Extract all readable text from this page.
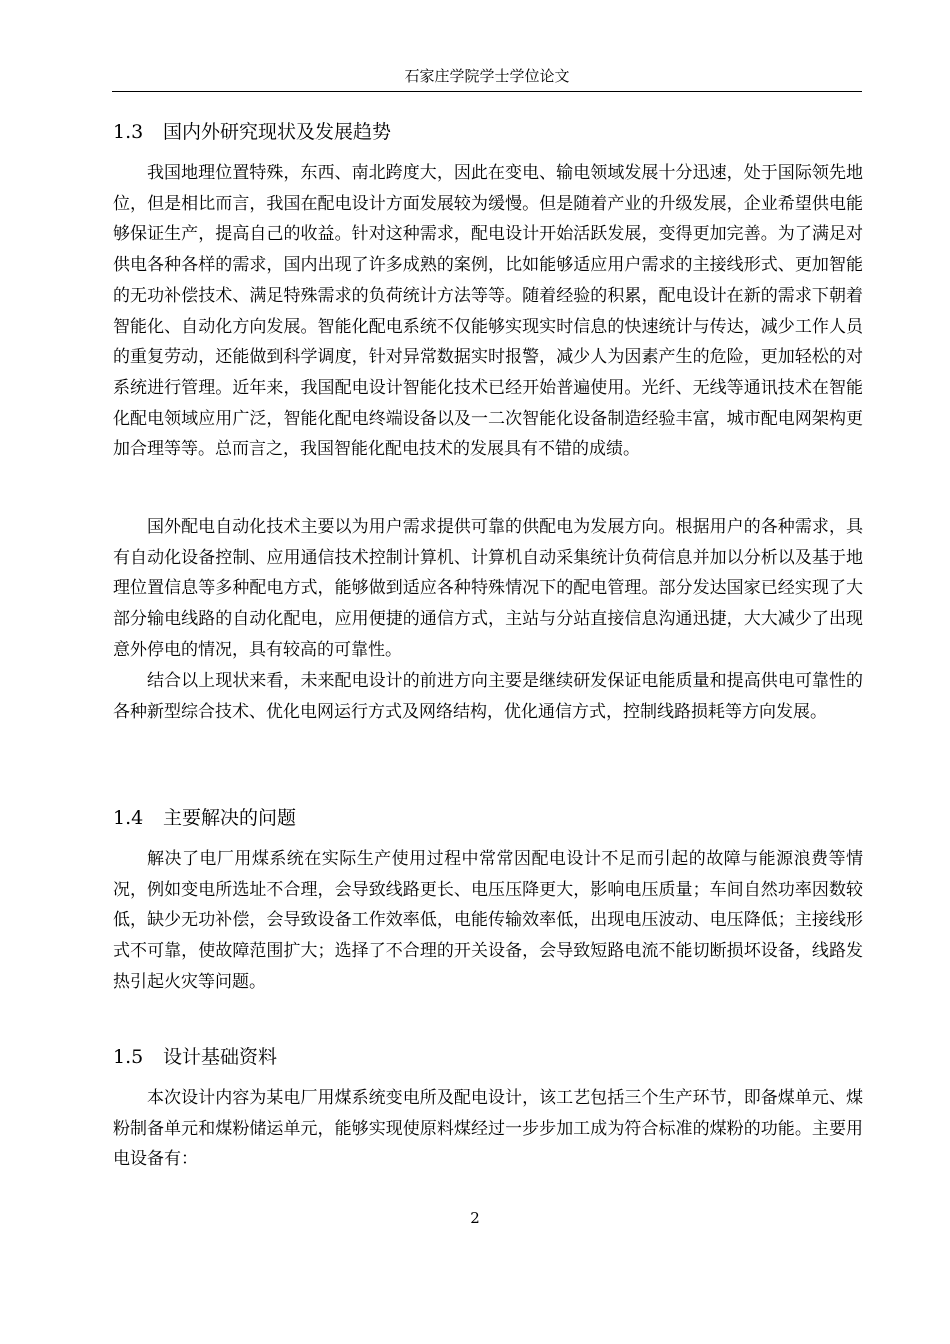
石家庄学院学士学位论文
1.3 国内外研究现状及发展趋势

我国地理位置特殊，东西、南北跨度大，因此在变电、输电领域发展十分迅速，处于国际领先地位，但是相比而言，我国在配电设计方面发展较为缓慢。但是随着产业的升级发展，企业希望供电能够保证生产，提高自己的收益。针对这种需求，配电设计开始活跃发展，变得更加完善。为了满足对供电各种各样的需求，国内出现了许多成熟的案例，比如能够适应用户需求的主接线形式、更加智能的无功补偿技术、满足特殊需求的负荷统计方法等等。随着经验的积累，配电设计在新的需求下朝着智能化、自动化方向发展。智能化配电系统不仅能够实现实时信息的快速统计与传达，减少工作人员的重复劳动，还能做到科学调度，针对异常数据实时报警，减少人为因素产生的危险，更加轻松的对系统进行管理。近年来，我国配电设计智能化技术已经开始普遍使用。光纤、无线等通讯技术在智能化配电领域应用广泛，智能化配电终端设备以及一二次智能化设备制造经验丰富，城市配电网架构更加合理等等。总而言之，我国智能化配电技术的发展具有不错的成绩。

国外配电自动化技术主要以为用户需求提供可靠的供配电为发展方向。根据用户的各种需求，具有自动化设备控制、应用通信技术控制计算机、计算机自动采集统计负荷信息并加以分析以及基于地理位置信息等多种配电方式，能够做到适应各种特殊情况下的配电管理。部分发达国家已经实现了大部分输电线路的自动化配电，应用便捷的通信方式，主站与分站直接信息沟通迅捷，大大减少了出现意外停电的情况，具有较高的可靠性。

结合以上现状来看，未来配电设计的前进方向主要是继续研发保证电能质量和提高供电可靠性的各种新型综合技术、优化电网运行方式及网络结构，优化通信方式，控制线路损耗等方向发展。

1.4 主要解决的问题

解决了电厂用煤系统在实际生产使用过程中常常因配电设计不足而引起的故障与能源浪费等情况，例如变电所选址不合理，会导致线路更长、电压压降更大，影响电压质量；车间自然功率因数较低，缺少无功补偿，会导致设备工作效率低，电能传输效率低，出现电压波动、电压降低；主接线形式不可靠，使故障范围扩大；选择了不合理的开关设备，会导致短路电流不能切断损坏设备，线路发热引起火灾等问题。

1.5 设计基础资料

本次设计内容为某电厂用煤系统变电所及配电设计，该工艺包括三个生产环节，即备煤单元、煤粉制备单元和煤粉储运单元，能够实现使原料煤经过一步步加工成为符合标准的煤粉的功能。主要用电设备有：

2
